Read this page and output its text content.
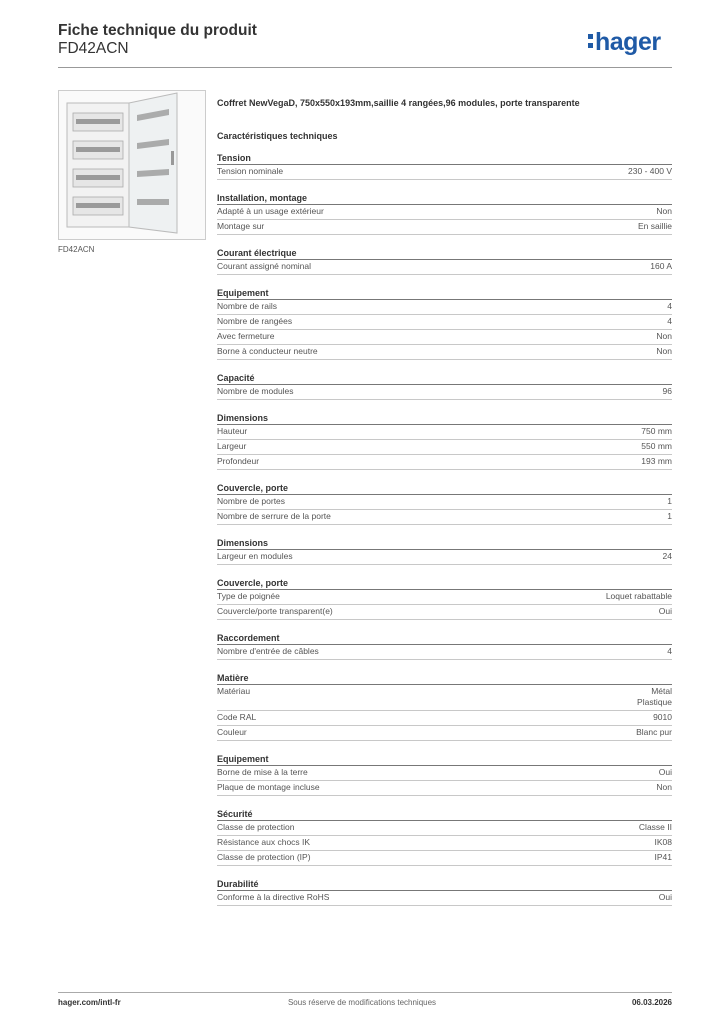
Fiche technique du produit
FD42ACN	hager
FD42ACN
Coffret NewVegaD, 750x550x193mm,saillie 4 rangées,96 modules, porte transparente
Caractéristiques techniques
Tension
Tension nominale	230 - 400 V
Installation, montage
Adapté à un usage extérieur	Non
Montage sur	En saillie
Courant électrique
Courant assigné nominal	160 A
Equipement
Nombre de rails	4
Nombre de rangées	4
Avec fermeture	Non
Borne à conducteur neutre	Non
Capacité
Nombre de modules	96
Dimensions
Hauteur	750 mm
Largeur	550 mm
Profondeur	193 mm
Couvercle, porte
Nombre de portes	1
Nombre de serrure de la porte	1
Dimensions
Largeur en modules	24
Couvercle, porte
Type de poignée	Loquet rabattable
Couvercle/porte transparent(e)	Oui
Raccordement
Nombre d'entrée de câbles	4
Matière
Matériau	Métal
Plastique
Code RAL	9010
Couleur	Blanc pur
Equipement
Borne de mise à la terre	Oui
Plaque de montage incluse	Non
Sécurité
Classe de protection	Classe II
Résistance aux chocs IK	IK08
Classe de protection (IP)	IP41
Durabilité
Conforme à la directive RoHS	Oui
hager.com/intl-fr	Sous réserve de modifications techniques	06.03.2026
